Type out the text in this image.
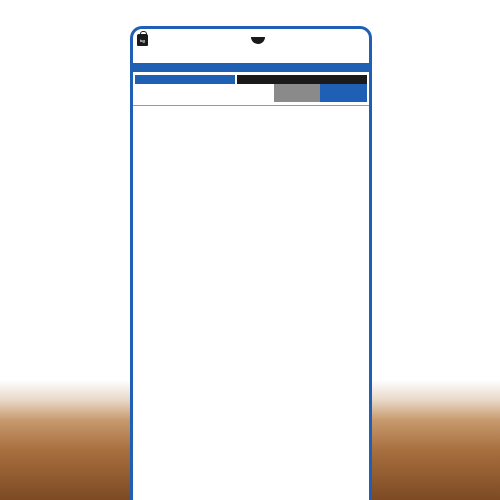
kg
